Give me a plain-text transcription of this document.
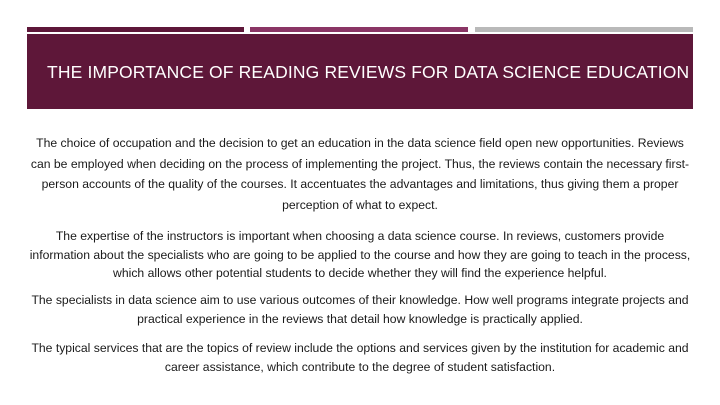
THE IMPORTANCE OF READING REVIEWS FOR DATA SCIENCE EDUCATION

The choice of occupation and the decision to get an education in the data science field open new opportunities. Reviews can be employed when deciding on the process of implementing the project. Thus, the reviews contain the necessary first-person accounts of the quality of the courses. It accentuates the advantages and limitations, thus giving them a proper perception of what to expect.

The expertise of the instructors is important when choosing a data science course. In reviews, customers provide information about the specialists who are going to be applied to the course and how they are going to teach in the process, which allows other potential students to decide whether they will find the experience helpful.

The specialists in data science aim to use various outcomes of their knowledge. How well programs integrate projects and practical experience in the reviews that detail how knowledge is practically applied.

The typical services that are the topics of review include the options and services given by the institution for academic and career assistance, which contribute to the degree of student satisfaction.
